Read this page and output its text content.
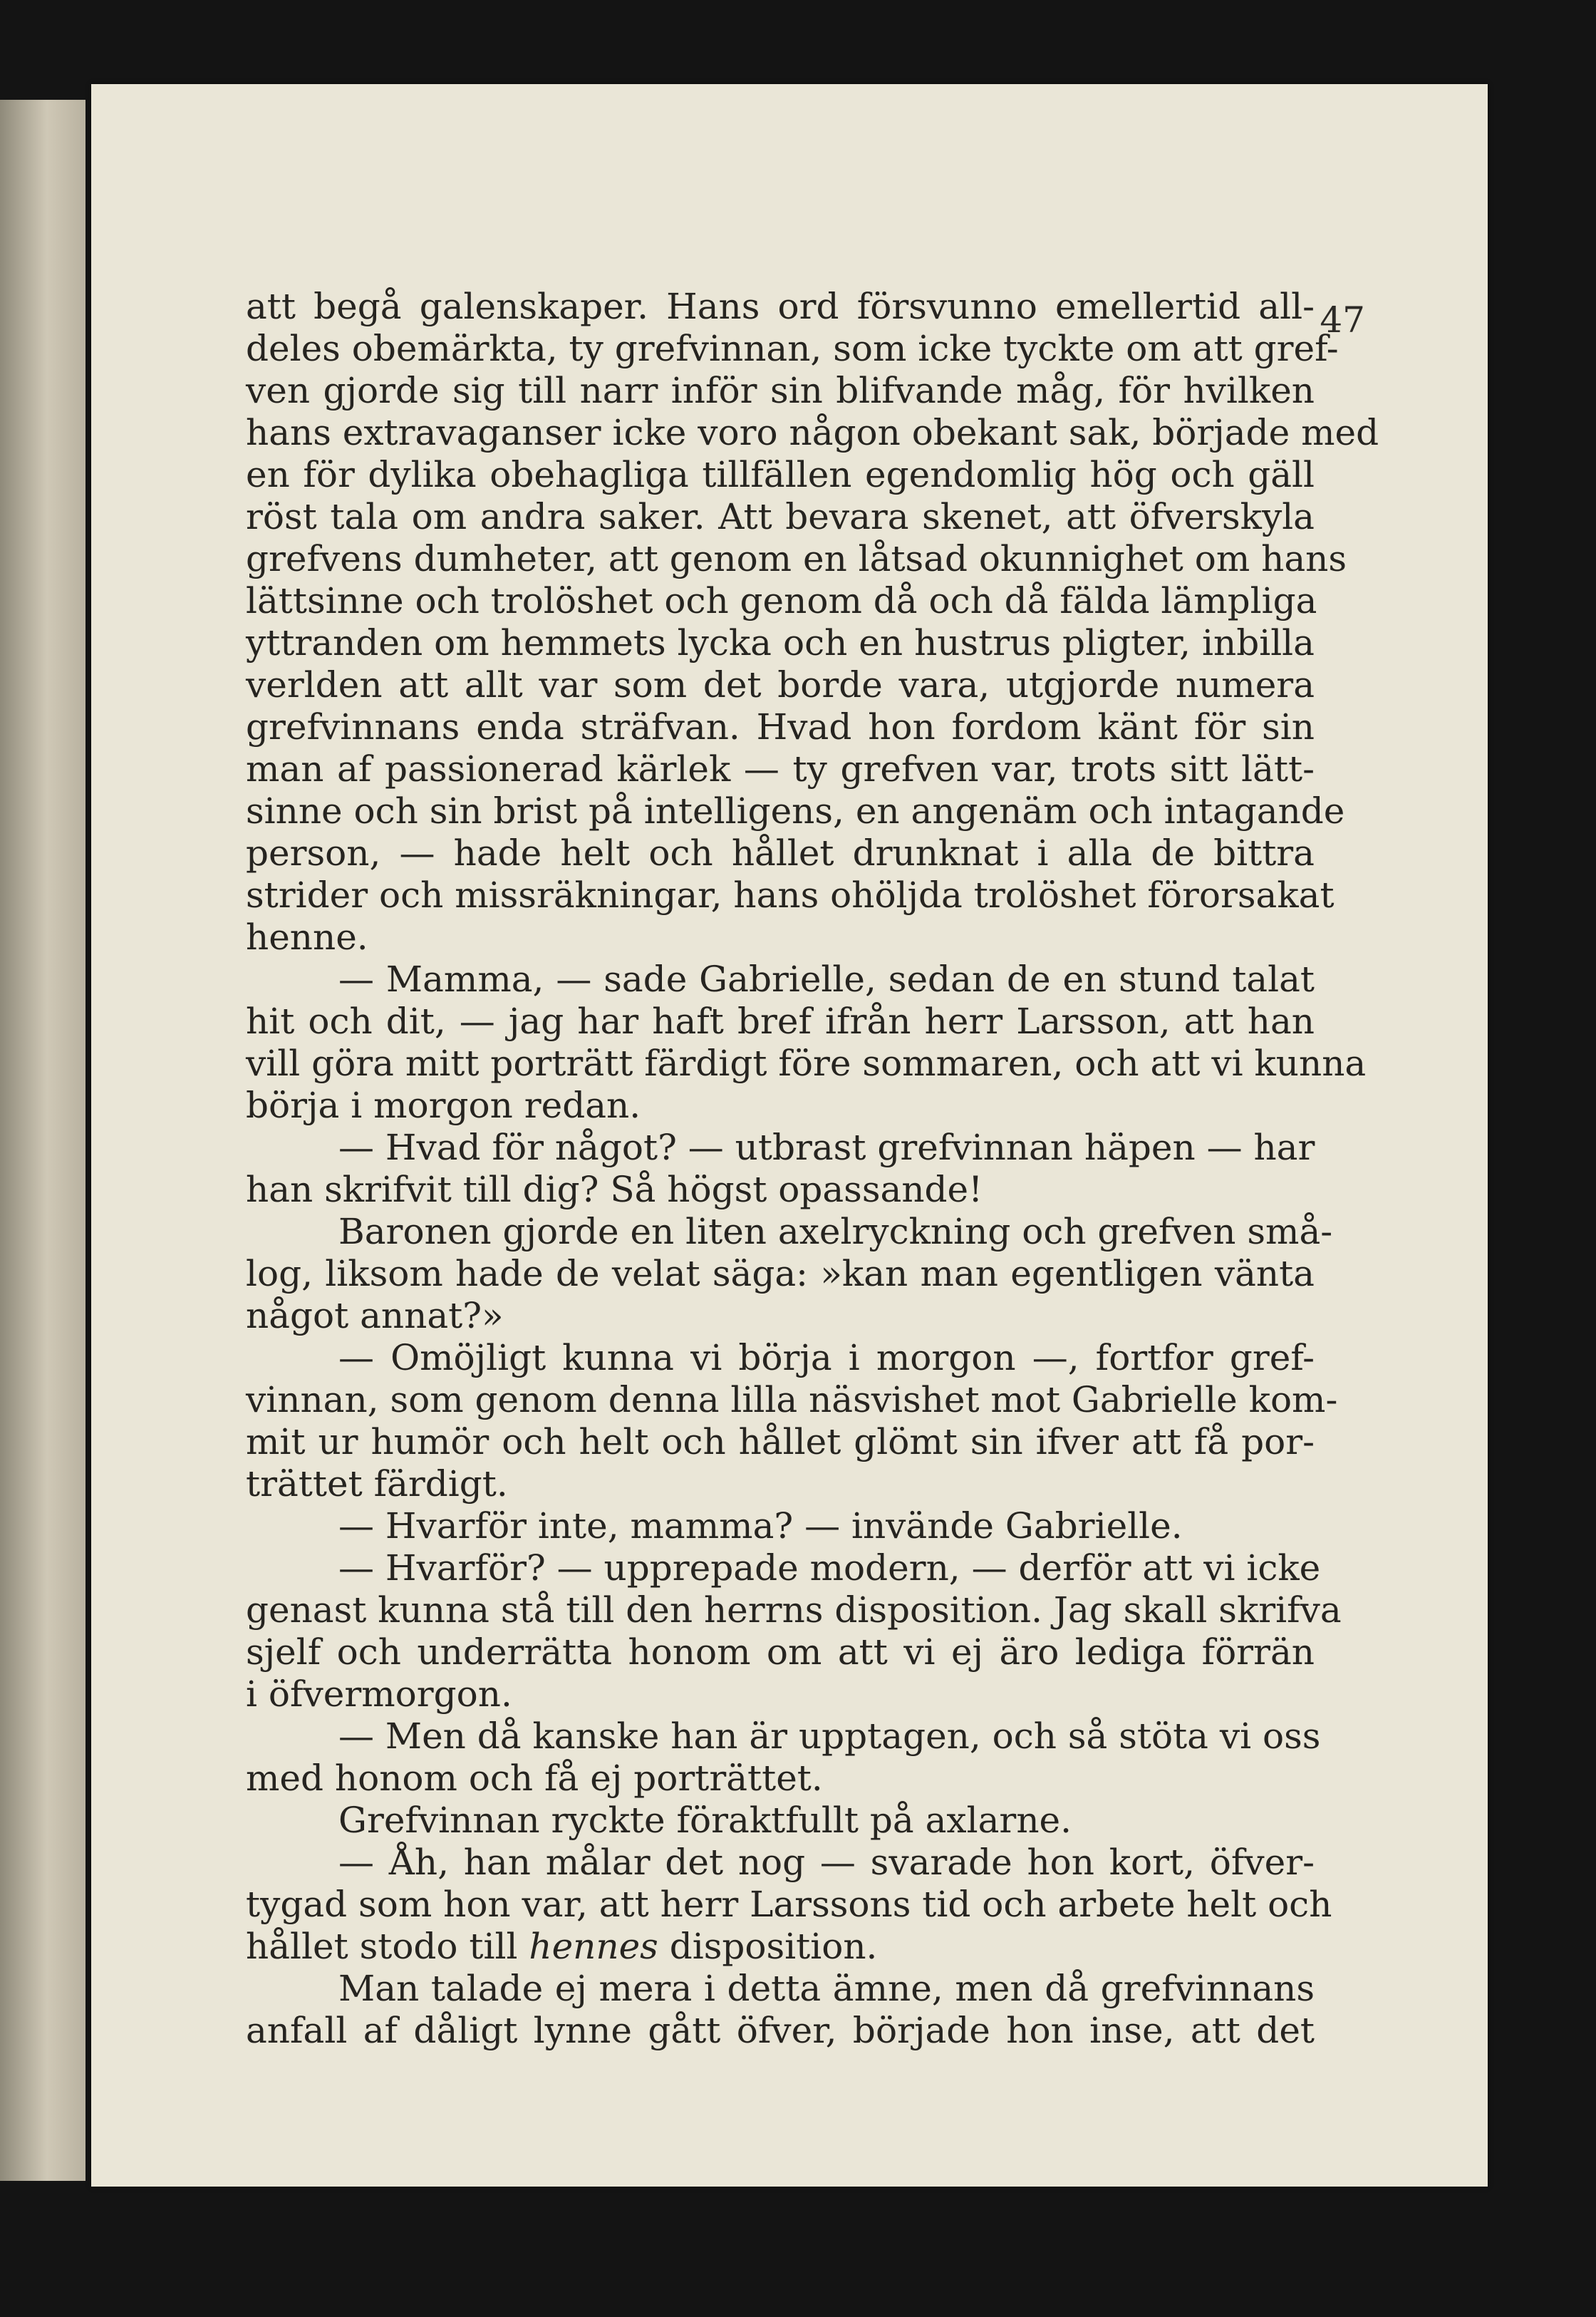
47
att begå galenskaper. Hans ord försvunno emellertid all-
deles obemärkta, ty grefvinnan, som icke tyckte om att gref-
ven gjorde sig till narr inför sin blifvande måg, för hvilken
hans extravaganser icke voro någon obekant sak, började med
en för dylika obehagliga tillfällen egendomlig hög och gäll
röst tala om andra saker. Att bevara skenet, att öfverskyla
grefvens dumheter, att genom en låtsad okunnighet om hans
lättsinne och trolöshet och genom då och då fälda lämpliga
yttranden om hemmets lycka och en hustrus pligter, inbilla
verlden att allt var som det borde vara, utgjorde numera
grefvinnans enda sträfvan. Hvad hon fordom känt för sin
man af passionerad kärlek — ty grefven var, trots sitt lätt-
sinne och sin brist på intelligens, en angenäm och intagande
person, — hade helt och hållet drunknat i alla de bittra
strider och missräkningar, hans ohöljda trolöshet förorsakat
henne.
— Mamma, — sade Gabrielle, sedan de en stund talat
hit och dit, — jag har haft bref ifrån herr Larsson, att han
vill göra mitt porträtt färdigt före sommaren, och att vi kunna
börja i morgon redan.
— Hvad för något? — utbrast grefvinnan häpen — har
han skrifvit till dig? Så högst opassande!
Baronen gjorde en liten axelryckning och grefven små-
log, liksom hade de velat säga: »kan man egentligen vänta
något annat?»
— Omöjligt kunna vi börja i morgon —, fortfor gref-
vinnan, som genom denna lilla näsvishet mot Gabrielle kom-
mit ur humör och helt och hållet glömt sin ifver att få por-
trättet färdigt.
— Hvarför inte, mamma? — invände Gabrielle.
— Hvarför? — upprepade modern, — derför att vi icke
genast kunna stå till den herrns disposition. Jag skall skrifva
sjelf och underrätta honom om att vi ej äro lediga förrän
i öfvermorgon.
— Men då kanske han är upptagen, och så stöta vi oss
med honom och få ej porträttet.
Grefvinnan ryckte föraktfullt på axlarne.
— Åh, han målar det nog — svarade hon kort, öfver-
tygad som hon var, att herr Larssons tid och arbete helt och
hållet stodo till hennes disposition.
Man talade ej mera i detta ämne, men då grefvinnans
anfall af dåligt lynne gått öfver, började hon inse, att det
